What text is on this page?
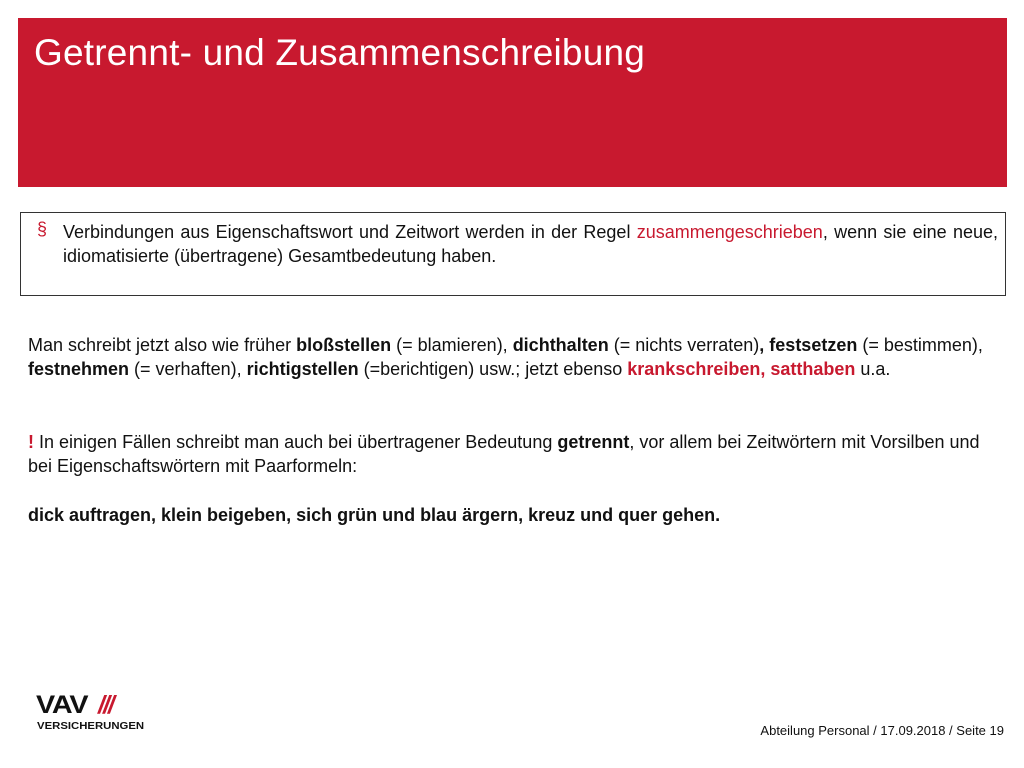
Getrennt- und Zusammenschreibung
§ Verbindungen aus Eigenschaftswort und Zeitwort werden in der Regel zusammengeschrieben, wenn sie eine neue, idiomatisierte (übertragene) Gesamtbedeutung haben.
Man schreibt jetzt also wie früher bloßstellen (= blamieren), dichthalten (= nichts verraten), festsetzen (= bestimmen), festnehmen (= verhaften), richtigstellen (=berichtigen) usw.; jetzt ebenso krankschreiben, satthaben u.a.
! In einigen Fällen schreibt man auch bei übertragener Bedeutung getrennt, vor allem bei Zeitwörtern mit Vorsilben und bei Eigenschaftswörtern mit Paarformeln:
dick auftragen, klein beigeben, sich grün und blau ärgern, kreuz und quer gehen.
VAV ///
VERSICHERUNGEN	Abteilung Personal / 17.09.2018 / Seite 19
